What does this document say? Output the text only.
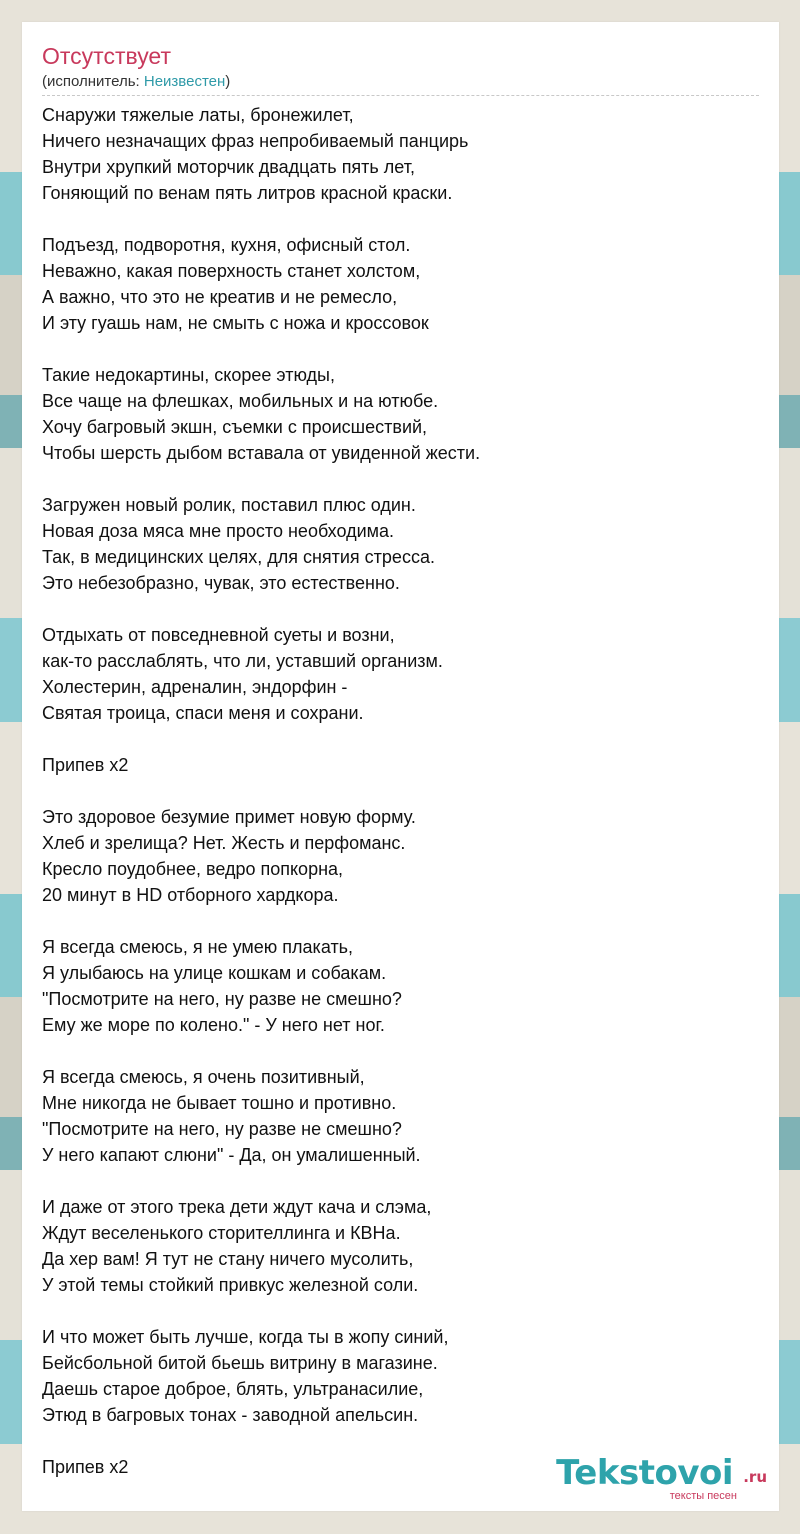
Отсутствует
(исполнитель: Неизвестен)
Снаружи тяжелые латы, бронежилет,
Ничего незначащих фраз непробиваемый панцирь
Внутри хрупкий моторчик двадцать пять лет,
Гоняющий по венам пять литров красной краски.
Подъезд, подворотня, кухня, офисный стол.
Неважно, какая поверхность станет холстом,
А важно, что это не креатив и не ремесло,
И эту гуашь нам, не смыть с ножа и кроссовок
Такие недокартины, скорее этюды,
Все чаще на флешках, мобильных и на ютюбе.
Хочу багровый экшн, съемки с происшествий,
Чтобы шерсть дыбом вставала от увиденной жести.
Загружен новый ролик, поставил плюс один.
Новая доза мяса мне просто необходима.
Так, в медицинских целях, для снятия стресса.
Это небезобразно, чувак, это естественно.
Отдыхать от повседневной суеты и возни,
как-то расслаблять, что ли, уставший организм.
Холестерин, адреналин, эндорфин -
Святая троица, спаси меня и сохрани.
Припев x2
Это здоровое безумие примет новую форму.
Хлеб и зрелища? Нет. Жесть и перфоманс.
Кресло поудобнее, ведро попкорна,
20 минут в HD отборного хардкора.
Я всегда смеюсь, я не умею плакать,
Я улыбаюсь на улице кошкам и собакам.
"Посмотрите на него, ну разве не смешно?
Ему же море по колено." - У него нет ног.
Я всегда смеюсь, я очень позитивный,
Мне никогда не бывает тошно и противно.
"Посмотрите на него, ну разве не смешно?
У него капают слюни" - Да, он умалишенный.
И даже от этого трека дети ждут кача и слэма,
Ждут веселенького сторителлинга и КВНа.
Да хер вам! Я тут не стану ничего мусолить,
У этой темы стойкий привкус железной соли.
И что может быть лучше, когда ты в жопу синий,
Бейсбольной битой бьешь витрину в магазине.
Даешь старое доброе, блять, ультранасилие,
Этюд в багровых тонах - заводной апельсин.
Припев x2	Tekstovoi .ru
тексты песен
